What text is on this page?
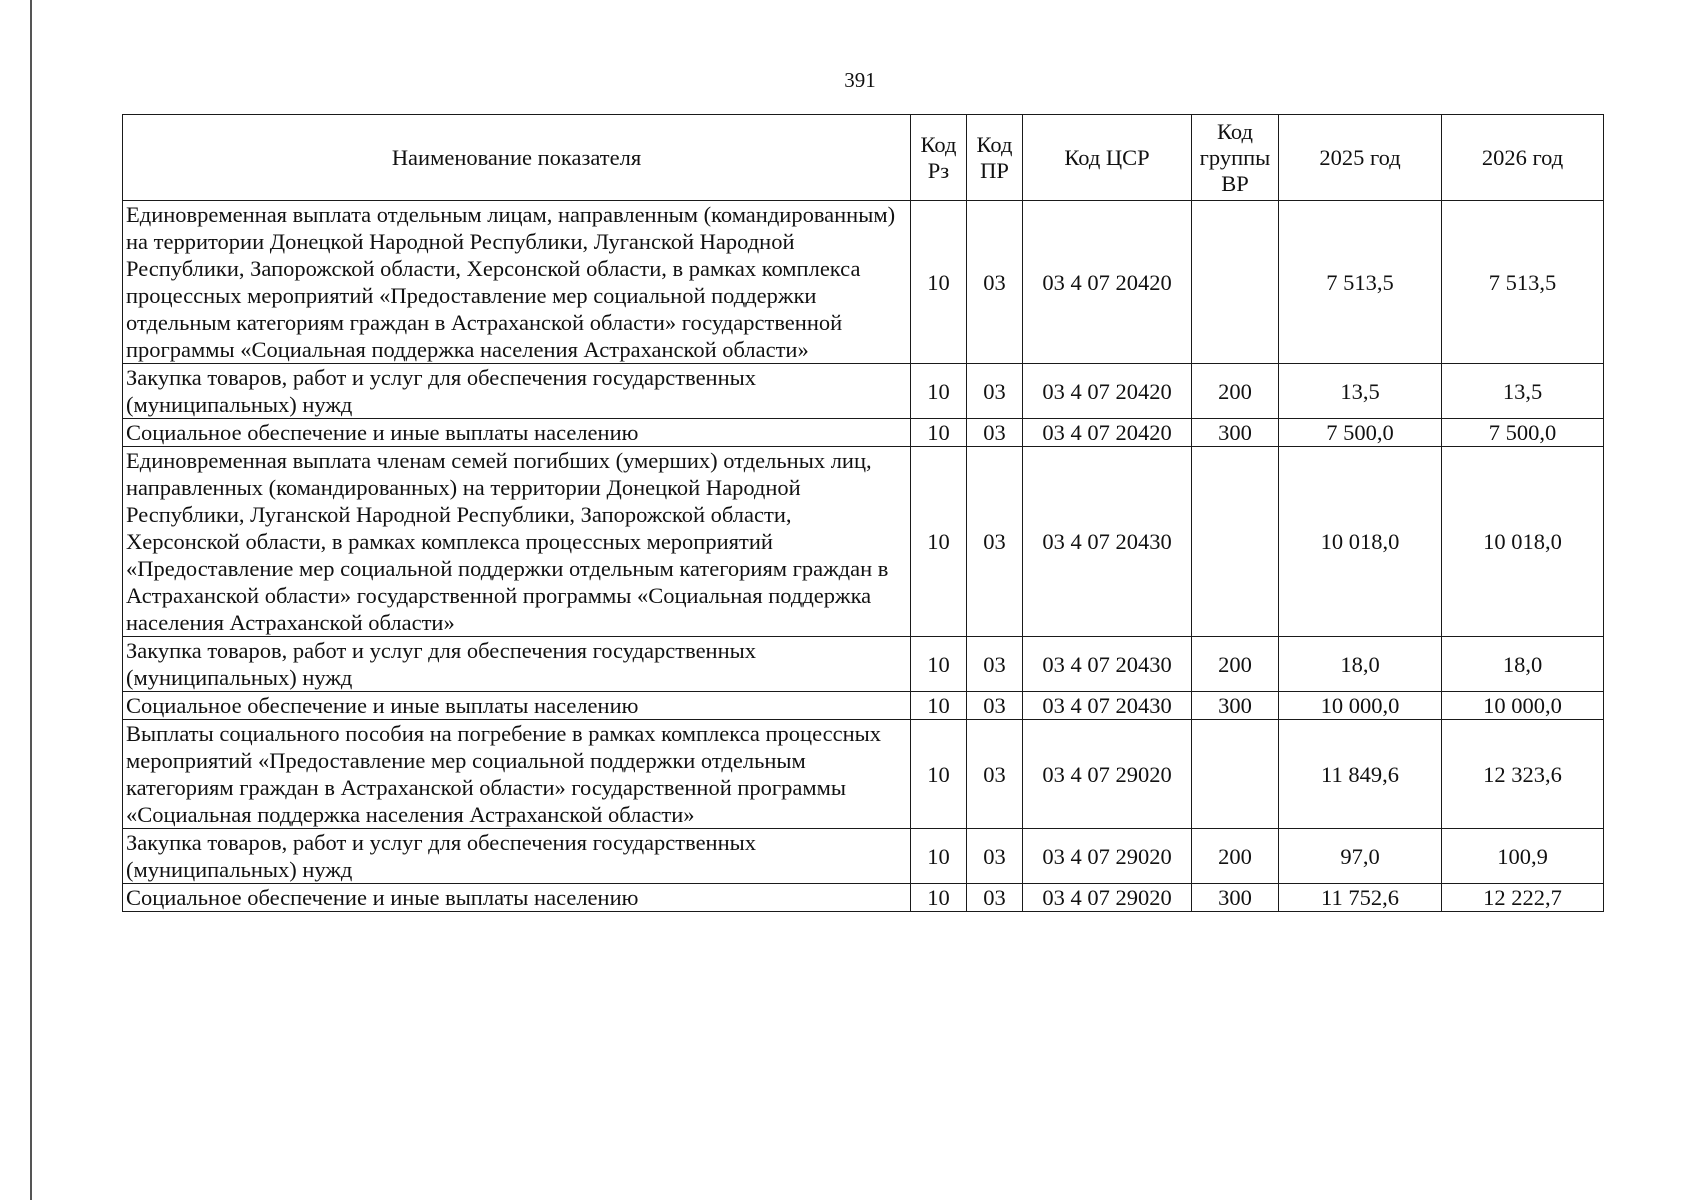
391
Наименование показателя	Код Рз	Код ПР	Код ЦСР	Код группы ВР	2025 год	2026 год
Единовременная выплата отдельным лицам, направленным (командированным) на территории Донецкой Народной Республики, Луганской Народной Республики, Запорожской области, Херсонской области, в рамках комплекса процессных мероприятий «Предоставление мер социальной поддержки отдельным категориям граждан в Астраханской области» государственной программы «Социальная поддержка населения Астраханской области»	10	03	03 4 07 20420		7 513,5	7 513,5
Закупка товаров, работ и услуг для обеспечения государственных (муниципальных) нужд	10	03	03 4 07 20420	200	13,5	13,5
Социальное обеспечение и иные выплаты населению	10	03	03 4 07 20420	300	7 500,0	7 500,0
Единовременная выплата членам семей погибших (умерших) отдельных лиц, направленных (командированных) на территории Донецкой Народной Республики, Луганской Народной Республики, Запорожской области, Херсонской области, в рамках комплекса процессных мероприятий «Предоставление мер социальной поддержки отдельным категориям граждан в Астраханской области» государственной программы «Социальная поддержка населения Астраханской области»	10	03	03 4 07 20430		10 018,0	10 018,0
Закупка товаров, работ и услуг для обеспечения государственных (муниципальных) нужд	10	03	03 4 07 20430	200	18,0	18,0
Социальное обеспечение и иные выплаты населению	10	03	03 4 07 20430	300	10 000,0	10 000,0
Выплаты социального пособия на погребение в рамках комплекса процессных мероприятий «Предоставление мер социальной поддержки отдельным категориям граждан в Астраханской области» государственной программы «Социальная поддержка населения Астраханской области»	10	03	03 4 07 29020		11 849,6	12 323,6
Закупка товаров, работ и услуг для обеспечения государственных (муниципальных) нужд	10	03	03 4 07 29020	200	97,0	100,9
Социальное обеспечение и иные выплаты населению	10	03	03 4 07 29020	300	11 752,6	12 222,7
